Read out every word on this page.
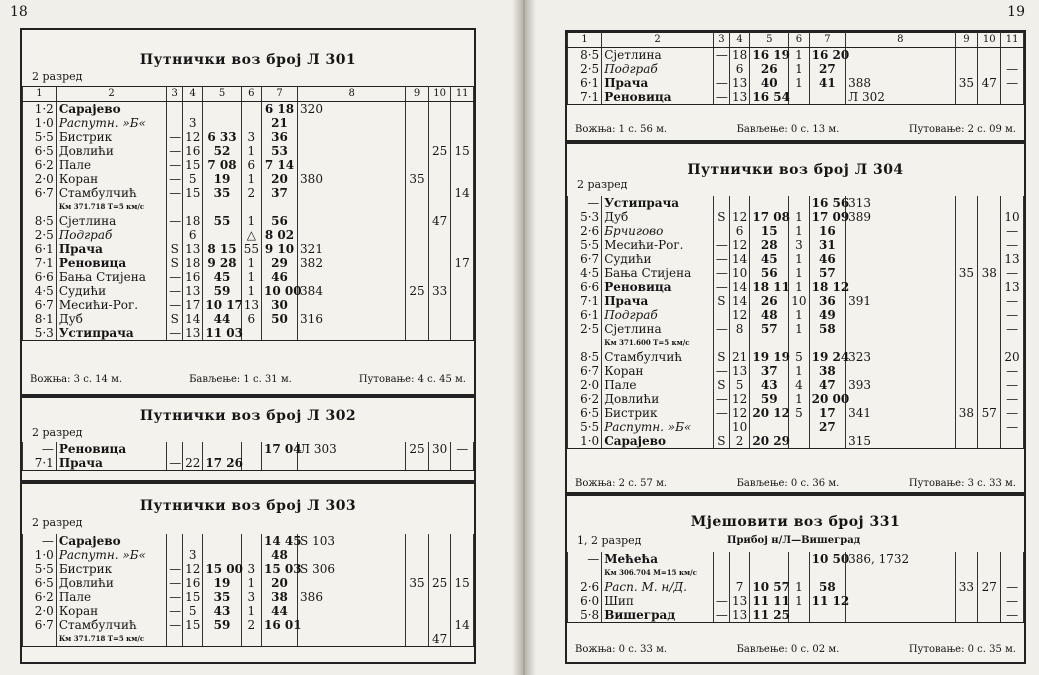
18	19
Путнички воз број Л 301
2 разред
1	2	3	4	5	6	7	8	9	10	11
1·2	Сарајево					6 18	320			
1·0	Распутн. »Б«		3			21				
5·5	Бистрик	—	12	6 33	3	36				
6·5	Довлићи	—	16	52	1	53			25	15
6·2	Пале	—	15	7 08	6	7 14				
2·0	Коран	—	5	19	1	20	380	35		
6·7	Стамбулчић	—	15	35	2	37				14
	Км 371.718 T=5 км/с									
8·5	Сјетлина	—	18	55	1	56			47	
2·5	Подграб		6		△	8 02				
6·1	Прача	S	13	8 15	55	9 10	321			
7·1	Реновица	S	18	9 28	1	29	382			17
6·6	Бања Стијена	—	16	45	1	46				
4·5	Судићи	—	13	59	1	10 00	384	25	33	
6·7	Месићи-Рог.	—	17	10 17	13	30				
8·1	Дуб	S	14	44	6	50	316			
5·3	Устипрача	—	13	11 03						
Вожња: 3 с. 14 м.	Бављење: 1 с. 31 м.	Путовање: 4 с. 45 м.
Путнички воз број Л 302
2 разред
—	Реновица					17 04	Л 303	25	30	—
7·1	Прача	—	22	17 26						
Путнички воз број Л 303
2 разред
—	Сарајево					14 45	S 103			
1·0	Распутн. »Б«		3			48				
5·5	Бистрик	—	12	15 00	3	15 03	S 306			
6·5	Довлићи	—	16	19	1	20		35	25	15
6·2	Пале	—	15	35	3	38	386			
2·0	Коран	—	5	43	1	44				
6·7	Стамбулчић	—	15	59	2	16 01				14
	Км 371.718 T=5 км/с								47	
1	2	3	4	5	6	7	8	9	10	11
8·5	Сјетлина	—	18	16 19	1	16 20				
2·5	Подграб		6	26	1	27				—
6·1	Прача	—	13	40	1	41	388	35	47	—
7·1	Реновица	—	13	16 54			Л 302			
Вожња: 1 с. 56 м.	Бављење: 0 с. 13 м.	Путовање: 2 с. 09 м.
Путнички воз број Л 304
2 разред
—	Устипрача					16 56	313			
5·3	Дуб	S	12	17 08	1	17 09	389			10
2·6	Брчигово		6	15	1	16				—
5·5	Месићи-Рог.	—	12	28	3	31				—
6·7	Судићи	—	14	45	1	46				13
4·5	Бања Стијена	—	10	56	1	57		35	38	—
6·6	Реновица	—	14	18 11	1	18 12				13
7·1	Прача	S	14	26	10	36	391			—
6·1	Подграб		12	48	1	49				—
2·5	Сјетлина	—	8	57	1	58				—
	Км 371.600 T=5 км/с									
8·5	Стамбулчић	S	21	19 19	5	19 24	323			20
6·7	Коран	—	13	37	1	38				—
2·0	Пале	S	5	43	4	47	393			—
6·2	Довлићи	—	12	59	1	20 00				—
6·5	Бистрик	—	12	20 12	5	17	341	38	57	—
5·5	Распутн. »Б«		10			27				—
1·0	Сарајево	S	2	20 29			315			
Вожња: 2 с. 57 м.	Бављење: 0 с. 36 м.	Путовање: 3 с. 33 м.
Мјешовити воз број 331
1, 2 разред	Прибој н/Л—Вишеград
—	Мећећа					10 50	386, 1732			
	Км 306.704 M=15 км/с									
2·6	Расп. М. н/Д.		7	10 57	1	58		33	27	—
6·0	Шип	—	13	11 11	1	11 12				—
5·8	Вишеград	—	13	11 25						—
Вожња: 0 с. 33 м.	Бављење: 0 с. 02 м.	Путовање: 0 с. 35 м.
